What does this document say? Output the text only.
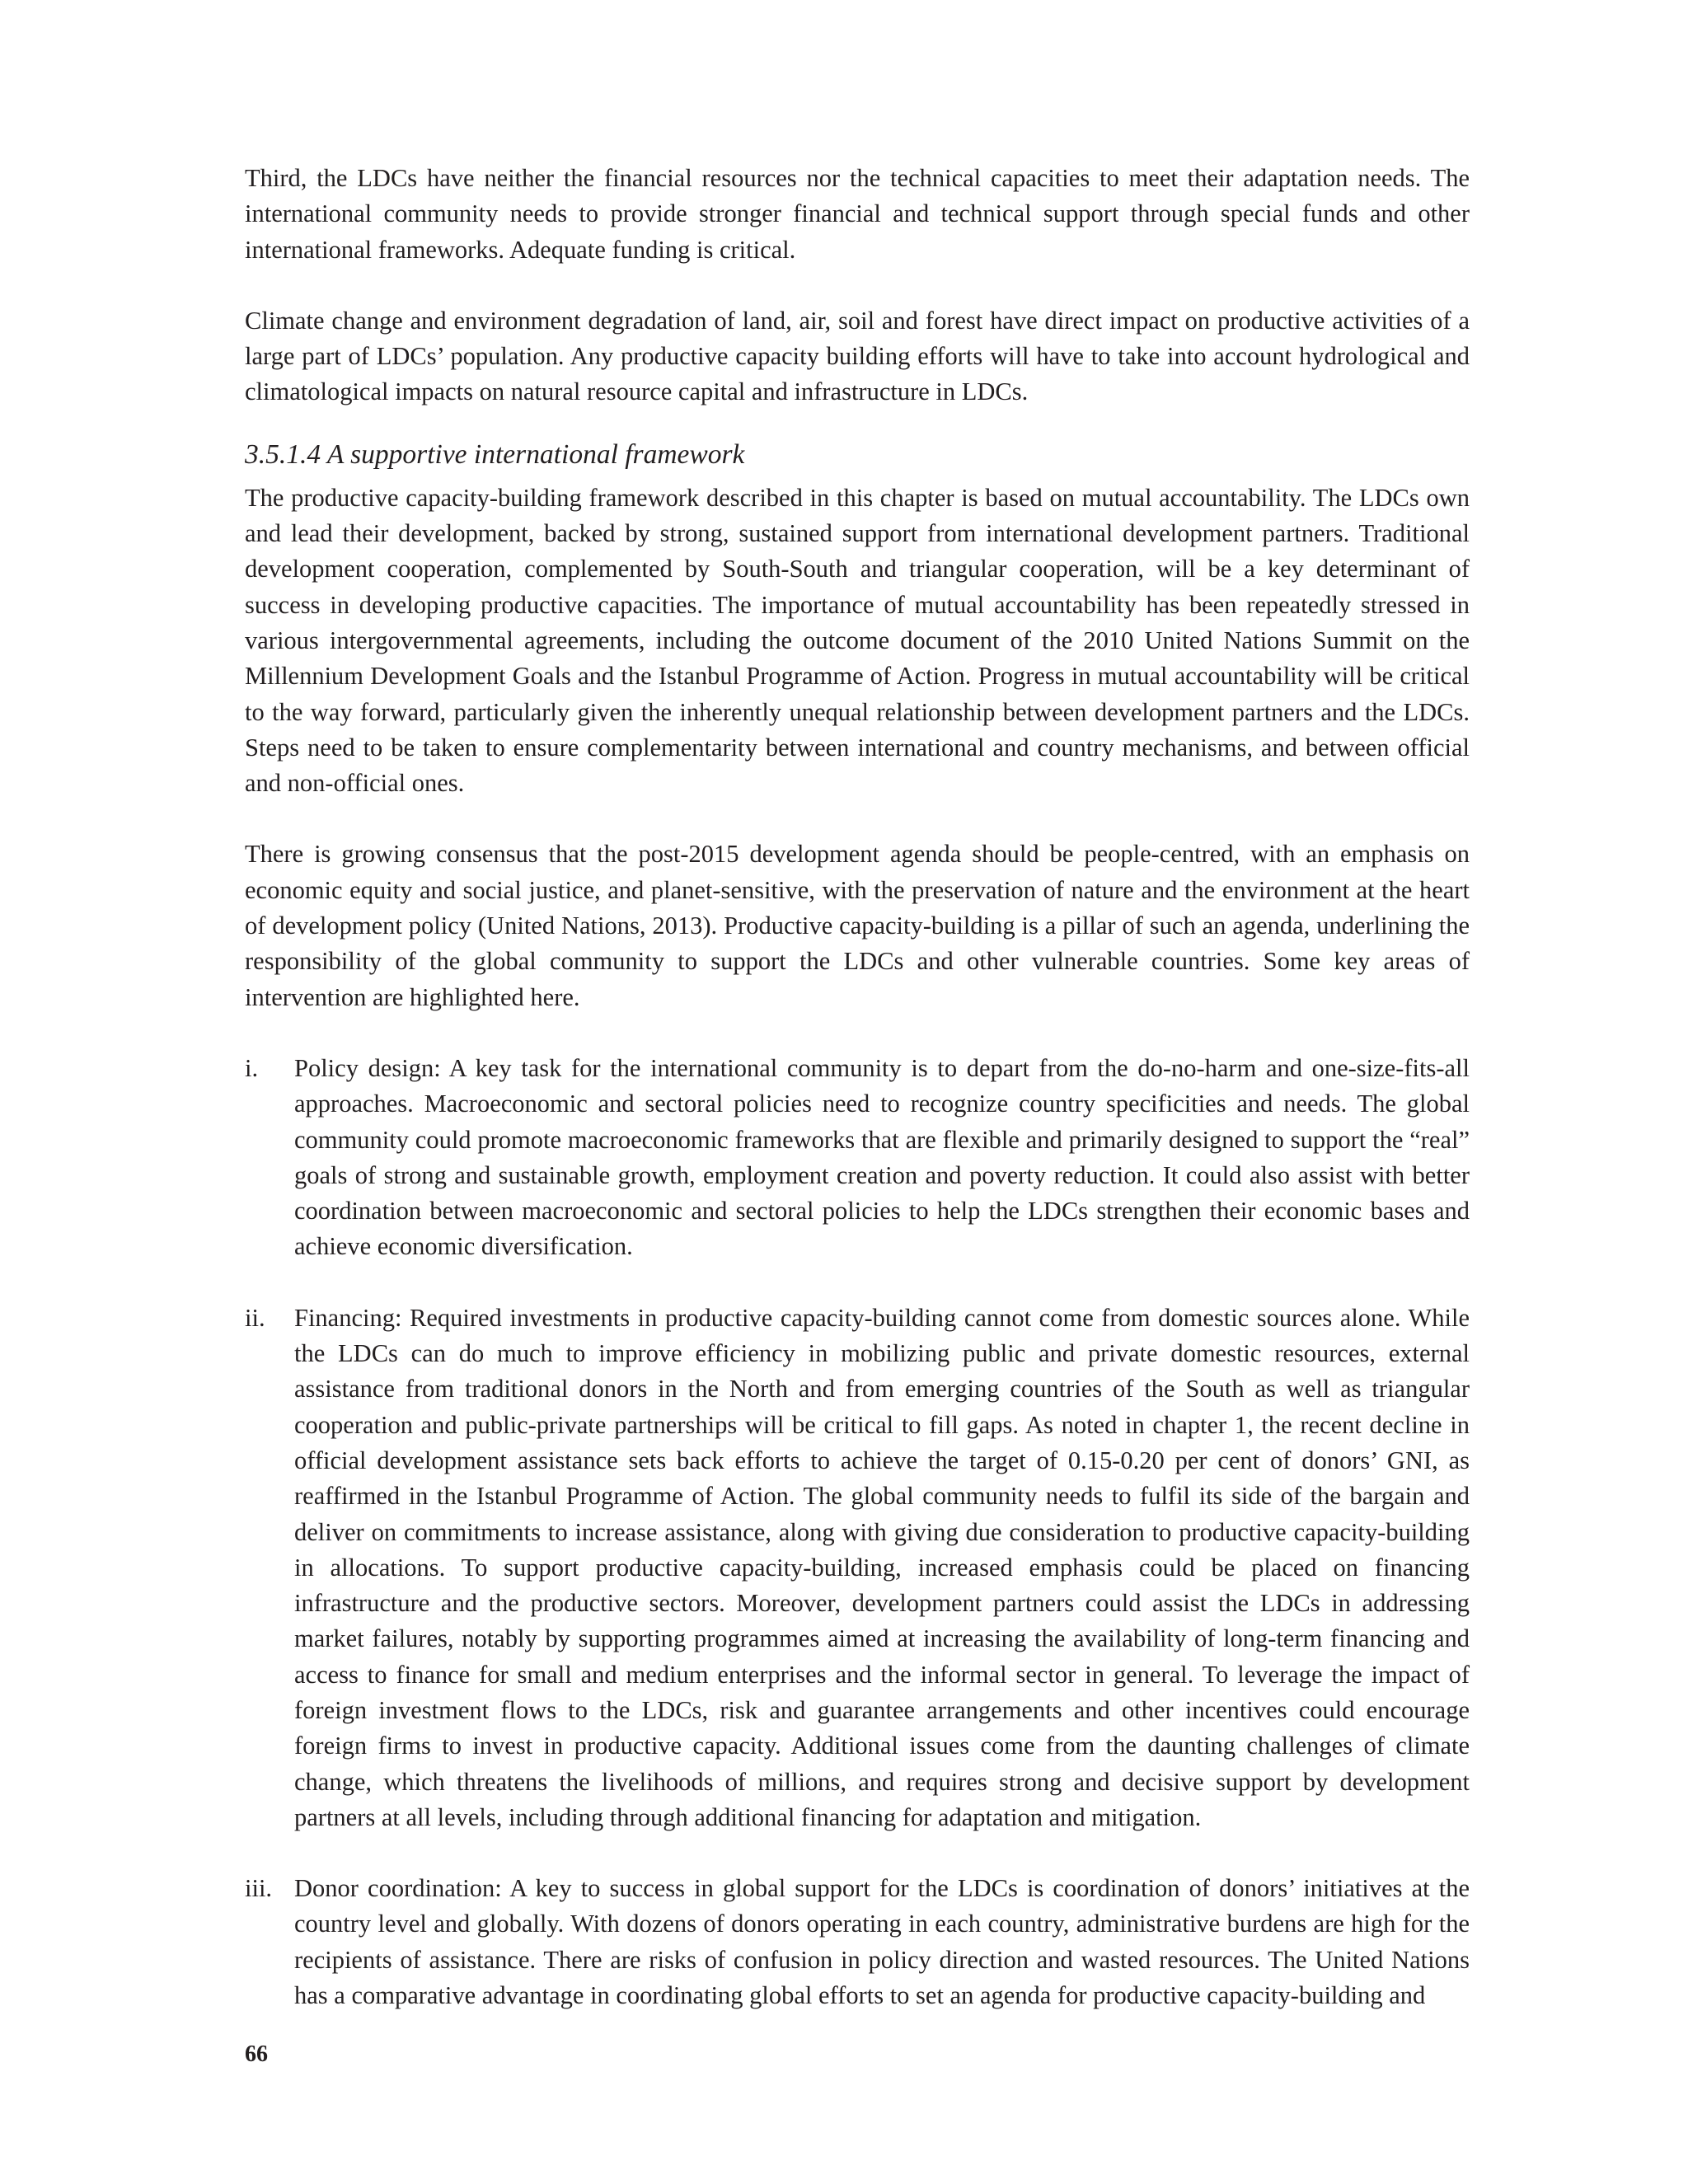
Third, the LDCs have neither the financial resources nor the technical capacities to meet their adaptation needs. The international community needs to provide stronger financial and technical support through special funds and other international frameworks. Adequate funding is critical.

Climate change and environment degradation of land, air, soil and forest have direct impact on productive activities of a large part of LDCs’ population. Any productive capacity building efforts will have to take into account hydrological and climatological impacts on natural resource capital and infrastructure in LDCs.

3.5.1.4 A supportive international framework

The productive capacity-building framework described in this chapter is based on mutual accountability. The LDCs own and lead their development, backed by strong, sustained support from international development partners. Traditional development cooperation, complemented by South-South and triangular cooperation, will be a key determinant of success in developing productive capacities. The importance of mutual accountability has been repeatedly stressed in various intergovernmental agreements, including the outcome document of the 2010 United Nations Summit on the Millennium Development Goals and the Istanbul Programme of Action. Progress in mutual accountability will be critical to the way forward, particularly given the inherently unequal relationship between development partners and the LDCs. Steps need to be taken to ensure complementarity between international and country mechanisms, and between official and non-official ones.

There is growing consensus that the post-2015 development agenda should be people-centred, with an emphasis on economic equity and social justice, and planet-sensitive, with the preservation of nature and the environment at the heart of development policy (United Nations, 2013). Productive capacity-building is a pillar of such an agenda, underlining the responsibility of the global community to support the LDCs and other vulnerable countries. Some key areas of intervention are highlighted here.

i.	Policy design: A key task for the international community is to depart from the do-no-harm and one-size-fits-all approaches. Macroeconomic and sectoral policies need to recognize country specificities and needs. The global community could promote macroeconomic frameworks that are flexible and primarily designed to support the “real” goals of strong and sustainable growth, employment creation and poverty reduction. It could also assist with better coordination between macroeconomic and sectoral policies to help the LDCs strengthen their economic bases and achieve economic diversification.
ii.	Financing: Required investments in productive capacity-building cannot come from domestic sources alone. While the LDCs can do much to improve efficiency in mobilizing public and private domestic resources, external assistance from traditional donors in the North and from emerging countries of the South as well as triangular cooperation and public-private partnerships will be critical to fill gaps. As noted in chapter 1, the recent decline in official development assistance sets back efforts to achieve the target of 0.15-0.20 per cent of donors’ GNI, as reaffirmed in the Istanbul Programme of Action. The global community needs to fulfil its side of the bargain and deliver on commitments to increase assistance, along with giving due consideration to productive capacity-building in allocations. To support productive capacity-building, increased emphasis could be placed on financing infrastructure and the productive sectors. Moreover, development partners could assist the LDCs in addressing market failures, notably by supporting programmes aimed at increasing the availability of long-term financing and access to finance for small and medium enterprises and the informal sector in general. To leverage the impact of foreign investment flows to the LDCs, risk and guarantee arrangements and other incentives could encourage foreign firms to invest in productive capacity. Additional issues come from the daunting challenges of climate change, which threatens the livelihoods of millions, and requires strong and decisive support by development partners at all levels, including through additional financing for adaptation and mitigation.
iii. Donor coordination: A key to success in global support for the LDCs is coordination of donors’ initiatives at the country level and globally. With dozens of donors operating in each country, administrative burdens are high for the recipients of assistance. There are risks of confusion in policy direction and wasted resources. The United Nations has a comparative advantage in coordinating global efforts to set an agenda for productive capacity-building and
66
